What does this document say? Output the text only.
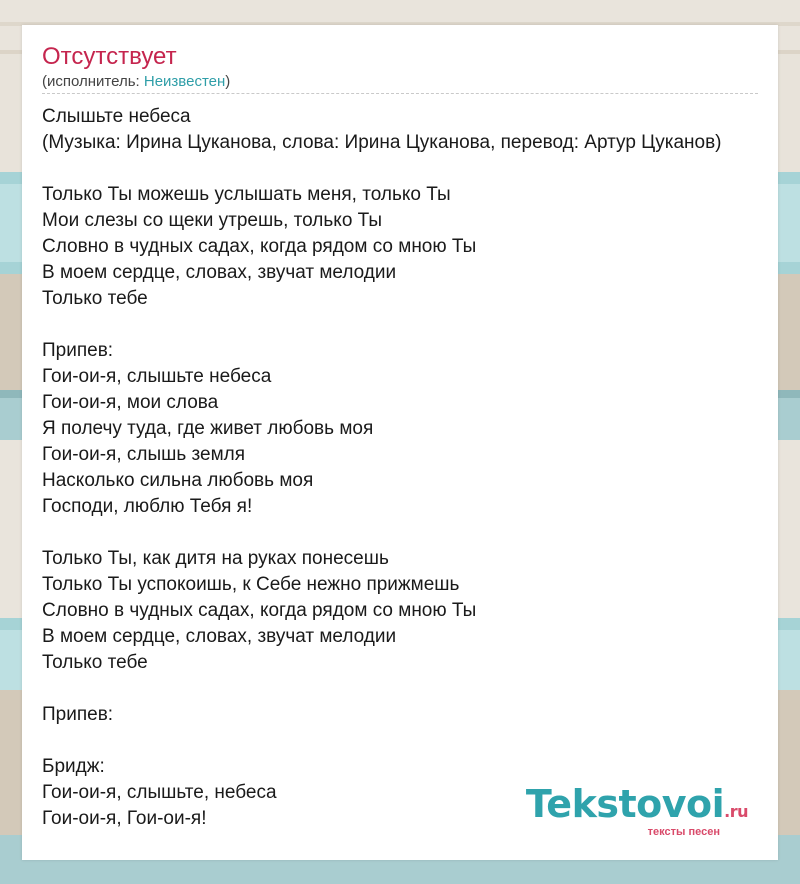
Отсутствует
(исполнитель: Неизвестен)
Слышьте небеса
(Музыка: Ирина Цуканова, слова: Ирина Цуканова, перевод: Артур Цуканов)
Только Ты можешь услышать меня, только Ты
Мои слезы со щеки утрешь, только Ты
Словно в чудных садах, когда рядом со мною Ты
В моем сердце, словах, звучат мелодии
Только тебе
Припев:
Гои-ои-я, слышьте небеса
Гои-ои-я, мои слова
Я полечу туда, где живет любовь моя
Гои-ои-я, слышь земля
Насколько сильна любовь моя
Господи, люблю Тебя я!
Только Ты, как дитя на руках понесешь
Только Ты успокоишь, к Себе нежно прижмешь
Словно в чудных садах, когда рядом со мною Ты
В моем сердце, словах, звучат мелодии
Только тебе
Припев:
Бридж:
Гои-ои-я, слышьте, небеса
Гои-ои-я, Гои-ои-я!	Tekstovoi.ru
тексты песен
